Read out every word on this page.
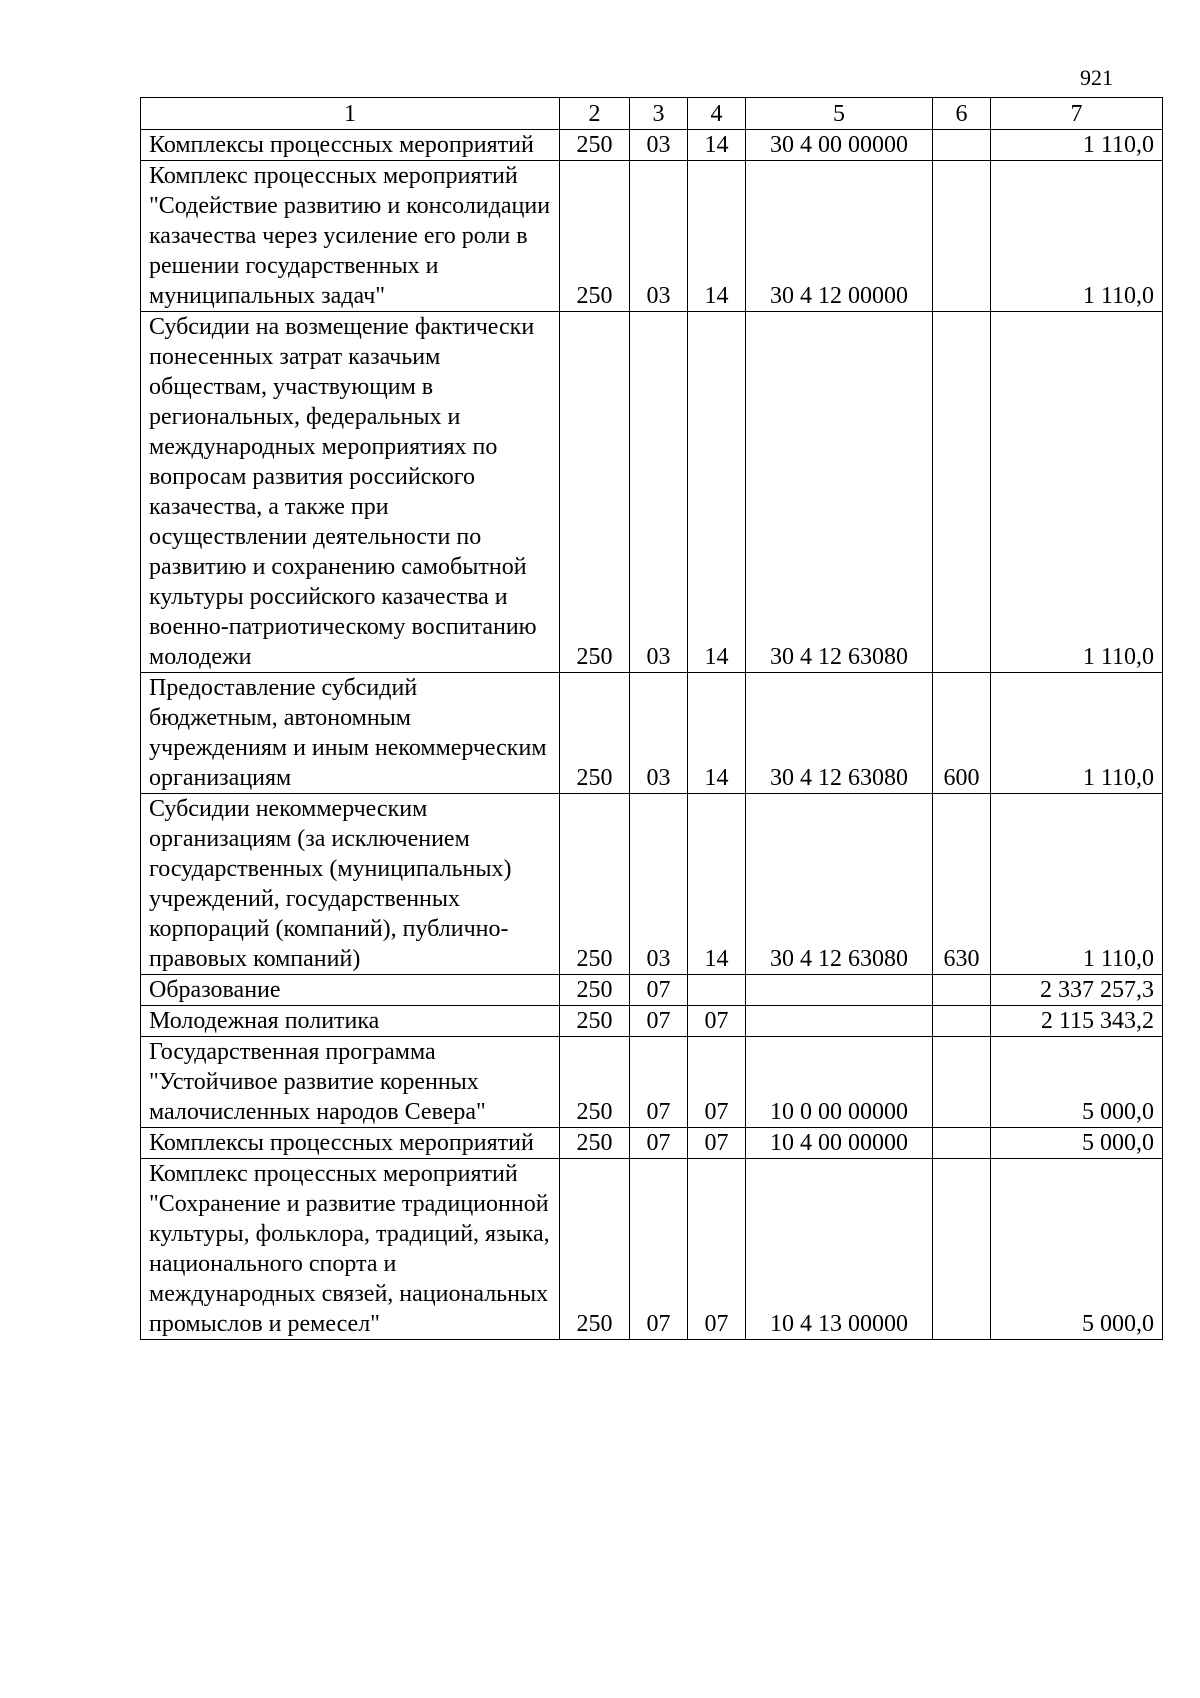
921
1	2	3	4	5	6	7
Комплексы процессных мероприятий	250	03	14	30 4 00 00000		1 110,0
Комплекс процессных мероприятий "Содействие развитию и консолидации казачества через усиление его роли в решении государственных и муниципальных задач"	250	03	14	30 4 12 00000		1 110,0
Субсидии на возмещение фактически понесенных затрат казачьим обществам, участвующим в региональных, федеральных и международных мероприятиях по вопросам развития российского казачества, а также при осуществлении деятельности по развитию и сохранению самобытной культуры российского казачества и военно-патриотическому воспитанию молодежи	250	03	14	30 4 12 63080		1 110,0
Предоставление субсидий бюджетным, автономным учреждениям и иным некоммерческим организациям	250	03	14	30 4 12 63080	600	1 110,0
Субсидии некоммерческим организациям (за исключением государственных (муниципальных) учреждений, государственных корпораций (компаний), публично-правовых компаний)	250	03	14	30 4 12 63080	630	1 110,0
Образование	250	07				2 337 257,3
Молодежная политика	250	07	07			2 115 343,2
Государственная программа "Устойчивое развитие коренных малочисленных народов Севера"	250	07	07	10 0 00 00000		5 000,0
Комплексы процессных мероприятий	250	07	07	10 4 00 00000		5 000,0
Комплекс процессных мероприятий "Сохранение и развитие традиционной культуры, фольклора, традиций, языка, национального спорта и международных связей, национальных промыслов и ремесел"	250	07	07	10 4 13 00000		5 000,0
